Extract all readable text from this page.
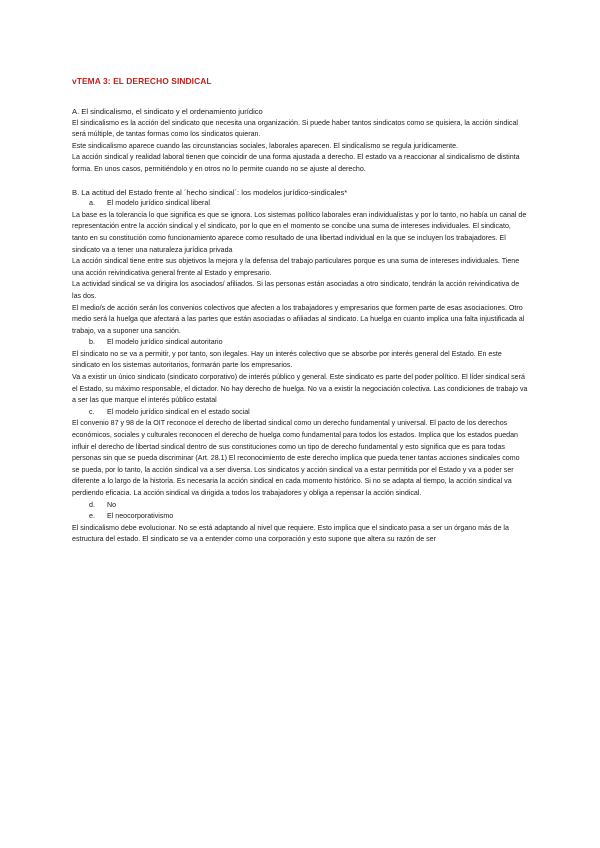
vTEMA 3: EL DERECHO SINDICAL

A. El sindicalismo, el sindicato y el ordenamiento jurídico

El sindicalismo es la acción del sindicato que necesita una organización. Si puede haber tantos sindicatos como se quisiera, la acción sindical será múltiple, de tantas formas como los sindicatos quieran.

Este sindicalismo aparece cuando las circunstancias sociales, laborales aparecen. El sindicalismo se regula jurídicamente.

La acción sindical y realidad laboral tienen que coincidir de una forma ajustada a derecho. El estado va a reaccionar al sindicalismo de distinta forma. En unos casos, permitiéndolo y en otros no lo permite cuando no se ajuste al derecho.

B. La actitud del Estado frente al ´hecho sindical´: los modelos jurídico-sindicales*

a.	El modelo jurídico sindical liberal

La base es la tolerancia lo que significa es que se ignora. Los sistemas político laborales eran individualistas y por lo tanto, no había un canal de representación entre la acción sindical y el sindicato, por lo que en el momento se concibe una suma de intereses individuales. El sindicato, tanto en su constitución como funcionamiento aparece como resultado de una libertad individual en la que se incluyen los trabajadores. El sindicato va a tener una naturaleza jurídica privada

La acción sindical tiene entre sus objetivos la mejora y la defensa del trabajo particulares porque es una suma de intereses individuales. Tiene una acción reivindicativa general frente al Estado y empresario.

La actividad sindical se va dirigira los asociados/ afiliados. Si las personas están asociadas a otro sindicato, tendrán la acción reivindicativa de las dos.

El medio/s de acción serán los convenios colectivos que afecten a los trabajadores y empresarios que formen parte de esas asociaciones. Otro medio será la huelga que afectará a las partes que están asociadas o afiliadas al sindicato. La huelga en cuanto implica una falta injustificada al trabajo, va a suponer una sanción.

b.	El modelo jurídico sindical autoritario

El sindicato no se va a permitir, y por tanto, son ilegales. Hay un interés colectivo que se absorbe por interés general del Estado. En este sindicato en los sistemas autoritarios, formarán parte los empresarios.

Va a existir un único sindicato (sindicato corporativo) de interés público y general. Este sindicato es parte del poder político. El líder sindical será el Estado, su máximo responsable, el dictador. No hay derecho de huelga. No va a existir la negociación colectiva. Las condiciones de trabajo va a ser las que marque el interés público estatal

c.	El modelo jurídico sindical en el estado social

El convenio 87 y 98 de la OIT reconoce el derecho de libertad sindical como un derecho fundamental y universal. El pacto de los derechos económicos, sociales y culturales reconocen el derecho de huelga como fundamental para todos los estados. Implica que los estados puedan influir el derecho de libertad sindical dentro de sus constituciones como un tipo de derecho fundamental y esto significa que es para todas personas sin que se pueda discriminar (Art. 28.1) El reconocimiento de este derecho implica que pueda tener tantas acciones sindicales como se pueda, por lo tanto, la acción sindical va a ser diversa. Los sindicatos y acción sindical va a estar permitida por el Estado y va a poder ser diferente a lo largo de la historia. Es necesaria la acción sindical en cada momento histórico. Si no se adapta al tiempo, la acción sindical va perdiendo eficacia. La acción sindical va dirigida a todos los trabajadores y obliga a repensar la acción sindical.

d.	No

e.	El neocorporativismo

El sindicalismo debe evolucionar. No se está adaptando al nivel que requiere. Esto implica que el sindicato pasa a ser un órgano más de la estructura del estado. El sindicato se va a entender como una corporación y esto supone que altera su razón de ser
